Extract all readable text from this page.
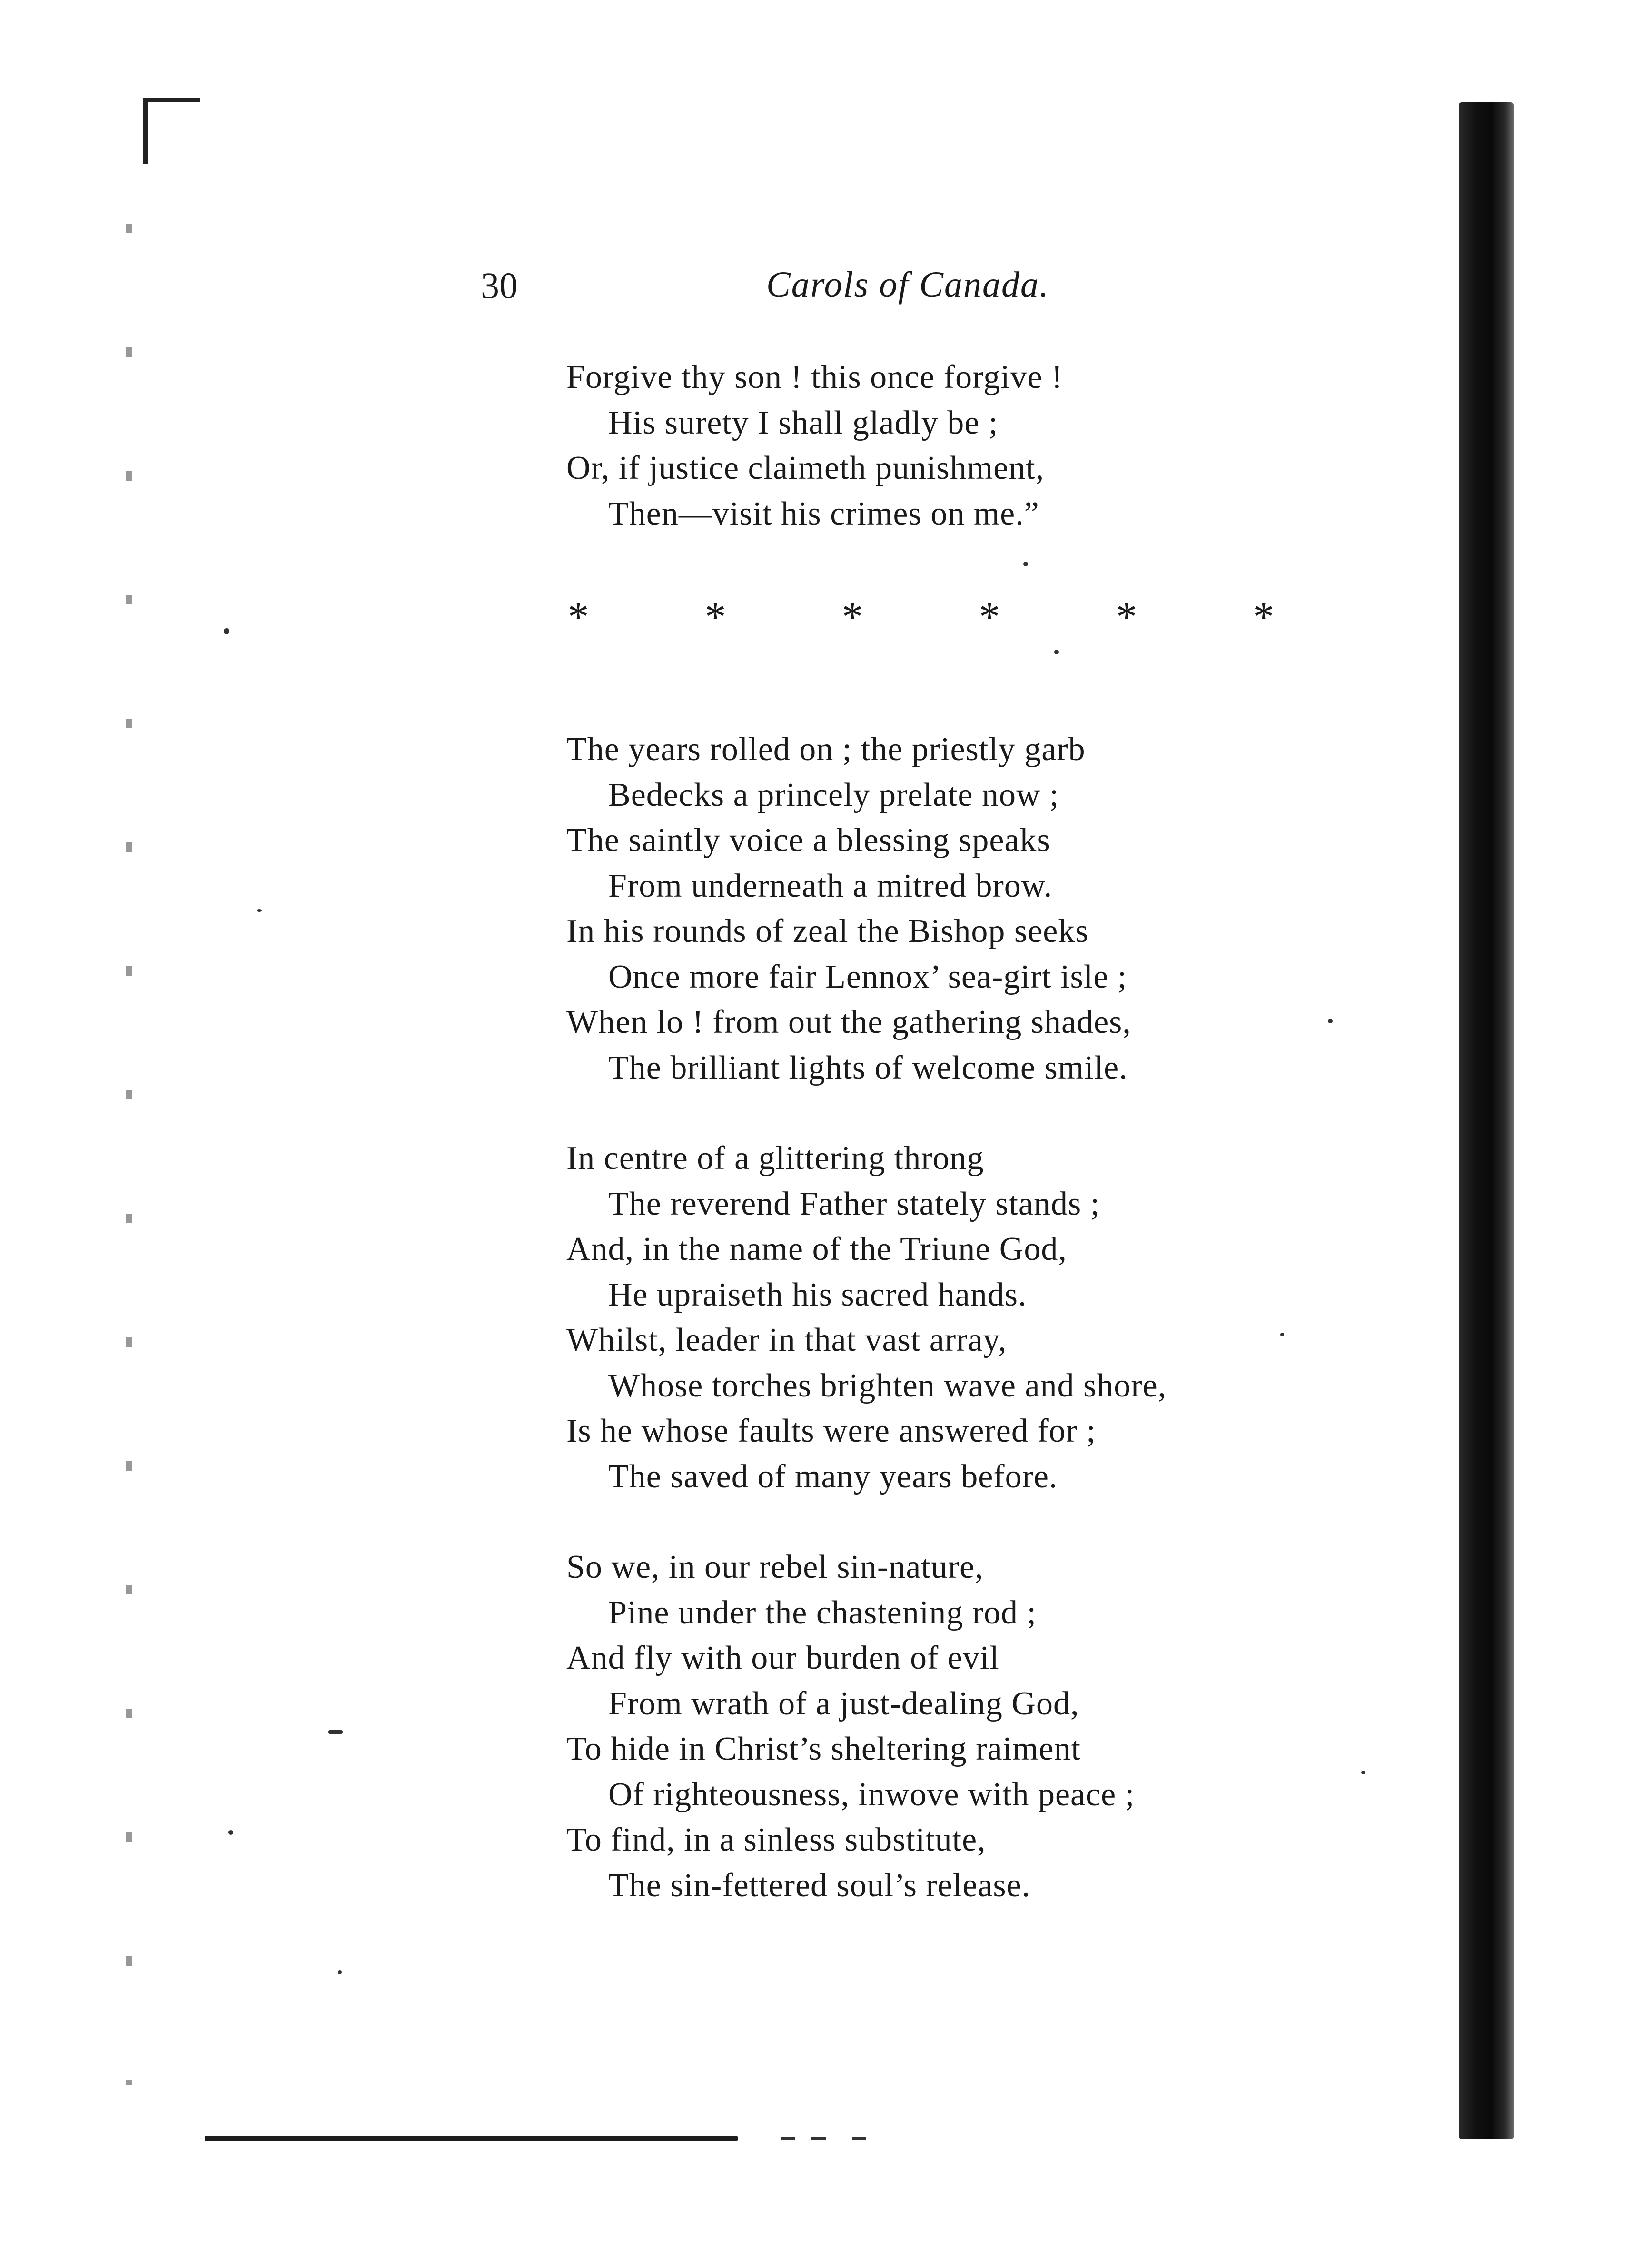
30	Carols of Canada.
Forgive thy son ! this once forgive !
His surety I shall gladly be ;
Or, if justice claimeth punishment,
Then—visit his crimes on me.”
The years rolled on ; the priestly garb
Bedecks a princely prelate now ;
The saintly voice a blessing speaks
From underneath a mitred brow.
In his rounds of zeal the Bishop seeks
Once more fair Lennox’ sea-girt isle ;
When lo ! from out the gathering shades,
The brilliant lights of welcome smile.
In centre of a glittering throng
The reverend Father stately stands ;
And, in the name of the Triune God,
He upraiseth his sacred hands.
Whilst, leader in that vast array,
Whose torches brighten wave and shore,
Is he whose faults were answered for ;
The saved of many years before.
So we, in our rebel sin-nature,
Pine under the chastening rod ;
And fly with our burden of evil
From wrath of a just-dealing God,
To hide in Christ’s sheltering raiment
Of righteousness, inwove with peace ;
To find, in a sinless substitute,
The sin-fettered soul’s release.
*	*	*	*	*	*
